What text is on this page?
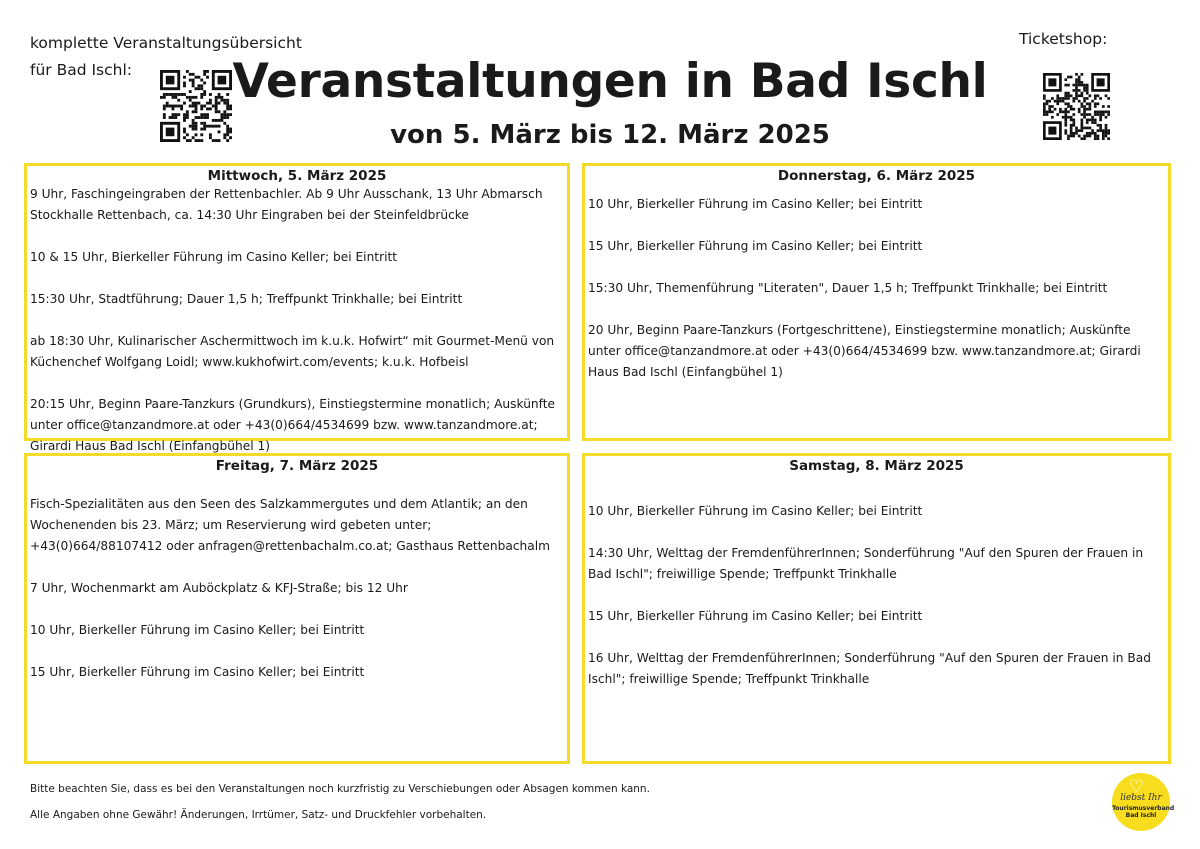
komplette Veranstaltungsübersicht
für Bad Ischl:
Ticketshop:
Veranstaltungen in Bad Ischl
von 5. März bis 12. März 2025
Mittwoch, 5. März 2025
9 Uhr, Faschingeingraben der Rettenbachler. Ab 9 Uhr Ausschank, 13 Uhr Abmarsch Stockhalle Rettenbach, ca. 14:30 Uhr Eingraben bei der Steinfeldbrücke
10 & 15 Uhr, Bierkeller Führung im Casino Keller; bei Eintritt
15:30 Uhr, Stadtführung; Dauer 1,5 h; Treffpunkt Trinkhalle; bei Eintritt
ab 18:30 Uhr, Kulinarischer Aschermittwoch im k.u.k. Hofwirt“ mit Gourmet-Menü von Küchenchef Wolfgang Loidl; www.kukhofwirt.com/events; k.u.k. Hofbeisl
20:15 Uhr, Beginn Paare-Tanzkurs (Grundkurs), Einstiegstermine monatlich; Auskünfte unter office@tanzandmore.at oder +43(0)664/4534699 bzw. www.tanzandmore.at; Girardi Haus Bad Ischl (Einfangbühel 1)
Donnerstag, 6. März 2025
10 Uhr, Bierkeller Führung im Casino Keller; bei Eintritt
15 Uhr, Bierkeller Führung im Casino Keller; bei Eintritt
15:30 Uhr, Themenführung "Literaten", Dauer 1,5 h; Treffpunkt Trinkhalle; bei Eintritt
20 Uhr, Beginn Paare-Tanzkurs (Fortgeschrittene), Einstiegstermine monatlich; Auskünfte unter office@tanzandmore.at oder +43(0)664/4534699 bzw. www.tanzandmore.at; Girardi Haus Bad Ischl (Einfangbühel 1)
Freitag, 7. März 2025
Fisch-Spezialitäten aus den Seen des Salzkammergutes und dem Atlantik; an den Wochenenden bis 23. März; um Reservierung wird gebeten unter; +43(0)664/88107412 oder anfragen@rettenbachalm.co.at; Gasthaus Rettenbachalm
7 Uhr, Wochenmarkt am Auböckplatz & KFJ-Straße; bis 12 Uhr
10 Uhr, Bierkeller Führung im Casino Keller; bei Eintritt
15 Uhr, Bierkeller Führung im Casino Keller; bei Eintritt
Samstag, 8. März 2025
10 Uhr, Bierkeller Führung im Casino Keller; bei Eintritt
14:30 Uhr, Welttag der FremdenführerInnen; Sonderführung "Auf den Spuren der Frauen in Bad Ischl"; freiwillige Spende; Treffpunkt Trinkhalle
15 Uhr, Bierkeller Führung im Casino Keller; bei Eintritt
16 Uhr, Welttag der FremdenführerInnen; Sonderführung "Auf den Spuren der Frauen in Bad Ischl"; freiwillige Spende; Treffpunkt Trinkhalle
Bitte beachten Sie, dass es bei den Veranstaltungen noch kurzfristig zu Verschiebungen oder Absagen kommen kann.
Alle Angaben ohne Gewähr! Änderungen, Irrtümer, Satz- und Druckfehler vorbehalten.
♡
liebst Ihr
Tourismusverband
Bad Ischl
